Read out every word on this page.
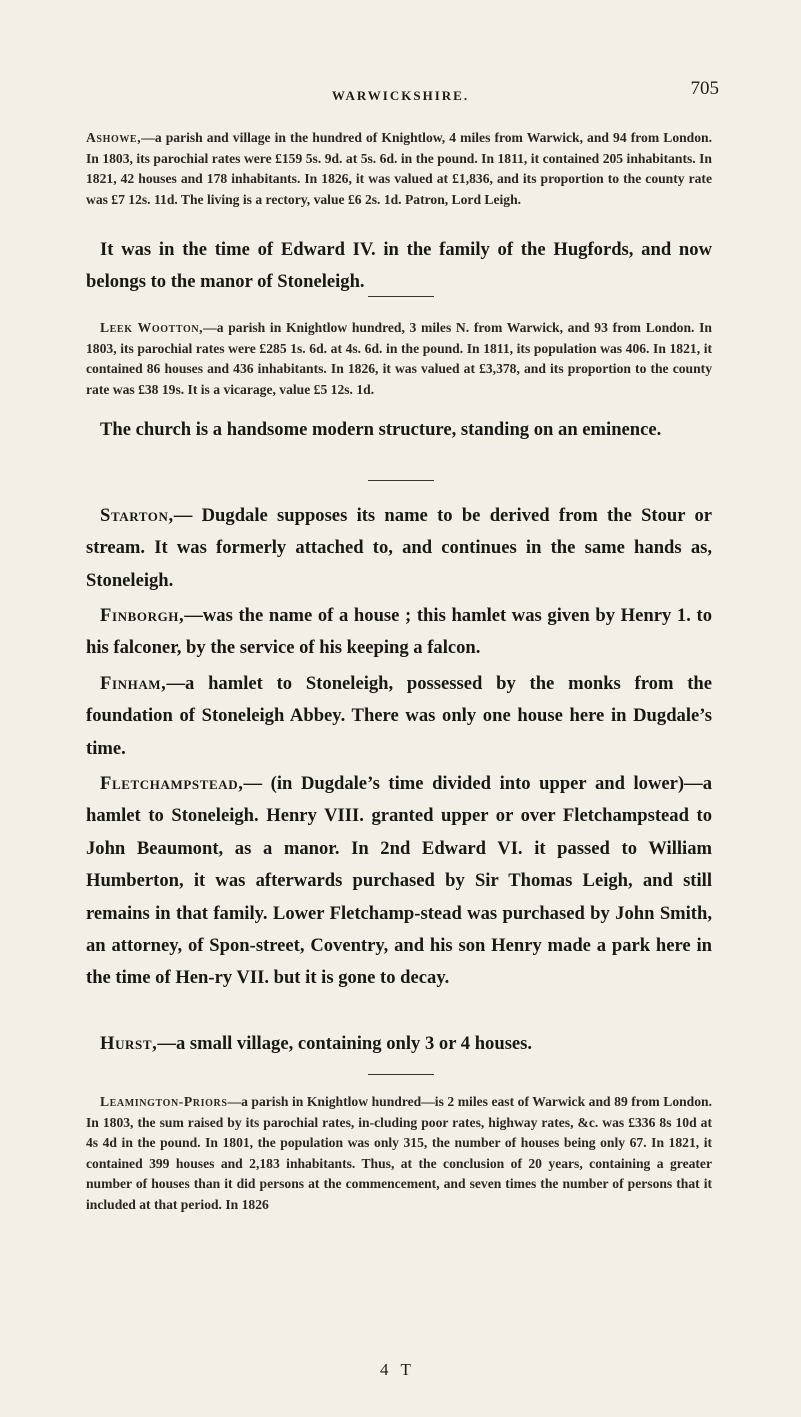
WARWICKSHIRE.	705
Ashowe,—a parish and village in the hundred of Knightlow, 4 miles from Warwick, and 94 from London. In 1803, its parochial rates were £159 5s. 9d. at 5s. 6d. in the pound. In 1811, it contained 205 inhabitants. In 1821, 42 houses and 178 inhabitants. In 1826, it was valued at £1,836, and its proportion to the county rate was £7 12s. 11d. The living is a rectory, value £6 2s. 1d. Patron, Lord Leigh.
It was in the time of Edward IV. in the family of the Hugfords, and now belongs to the manor of Stoneleigh.
Leek Wootton,—a parish in Knightlow hundred, 3 miles N. from Warwick, and 93 from London. In 1803, its parochial rates were £285 1s. 6d. at 4s. 6d. in the pound. In 1811, its population was 406. In 1821, it contained 86 houses and 436 inhabitants. In 1826, it was valued at £3,378, and its proportion to the county rate was £38 19s. It is a vicarage, value £5 12s. 1d.
The church is a handsome modern structure, standing on an eminence.
Starton,— Dugdale supposes its name to be derived from the Stour or stream. It was formerly attached to, and continues in the same hands as, Stoneleigh.
Finborgh,—was the name of a house ; this hamlet was given by Henry 1. to his falconer, by the service of his keeping a falcon.
Finham,—a hamlet to Stoneleigh, possessed by the monks from the foundation of Stoneleigh Abbey. There was only one house here in Dugdale’s time.
Fletchampstead,— (in Dugdale’s time divided into upper and lower)—a hamlet to Stoneleigh. Henry VIII. granted upper or over Fletchampstead to John Beaumont, as a manor. In 2nd Edward VI. it passed to William Humberton, it was afterwards purchased by Sir Thomas Leigh, and still remains in that family. Lower Fletchamp-stead was purchased by John Smith, an attorney, of Spon-street, Coventry, and his son Henry made a park here in the time of Hen-ry VII. but it is gone to decay.
Hurst,—a small village, containing only 3 or 4 houses.
Leamington-Priors—a parish in Knightlow hundred—is 2 miles east of Warwick and 89 from London. In 1803, the sum raised by its parochial rates, in-cluding poor rates, highway rates, &c. was £336 8s 10d at 4s 4d in the pound. In 1801, the population was only 315, the number of houses being only 67. In 1821, it contained 399 houses and 2,183 inhabitants. Thus, at the conclusion of 20 years, containing a greater number of houses than it did persons at the commencement, and seven times the number of persons that it included at that period. In 1826
4 T
